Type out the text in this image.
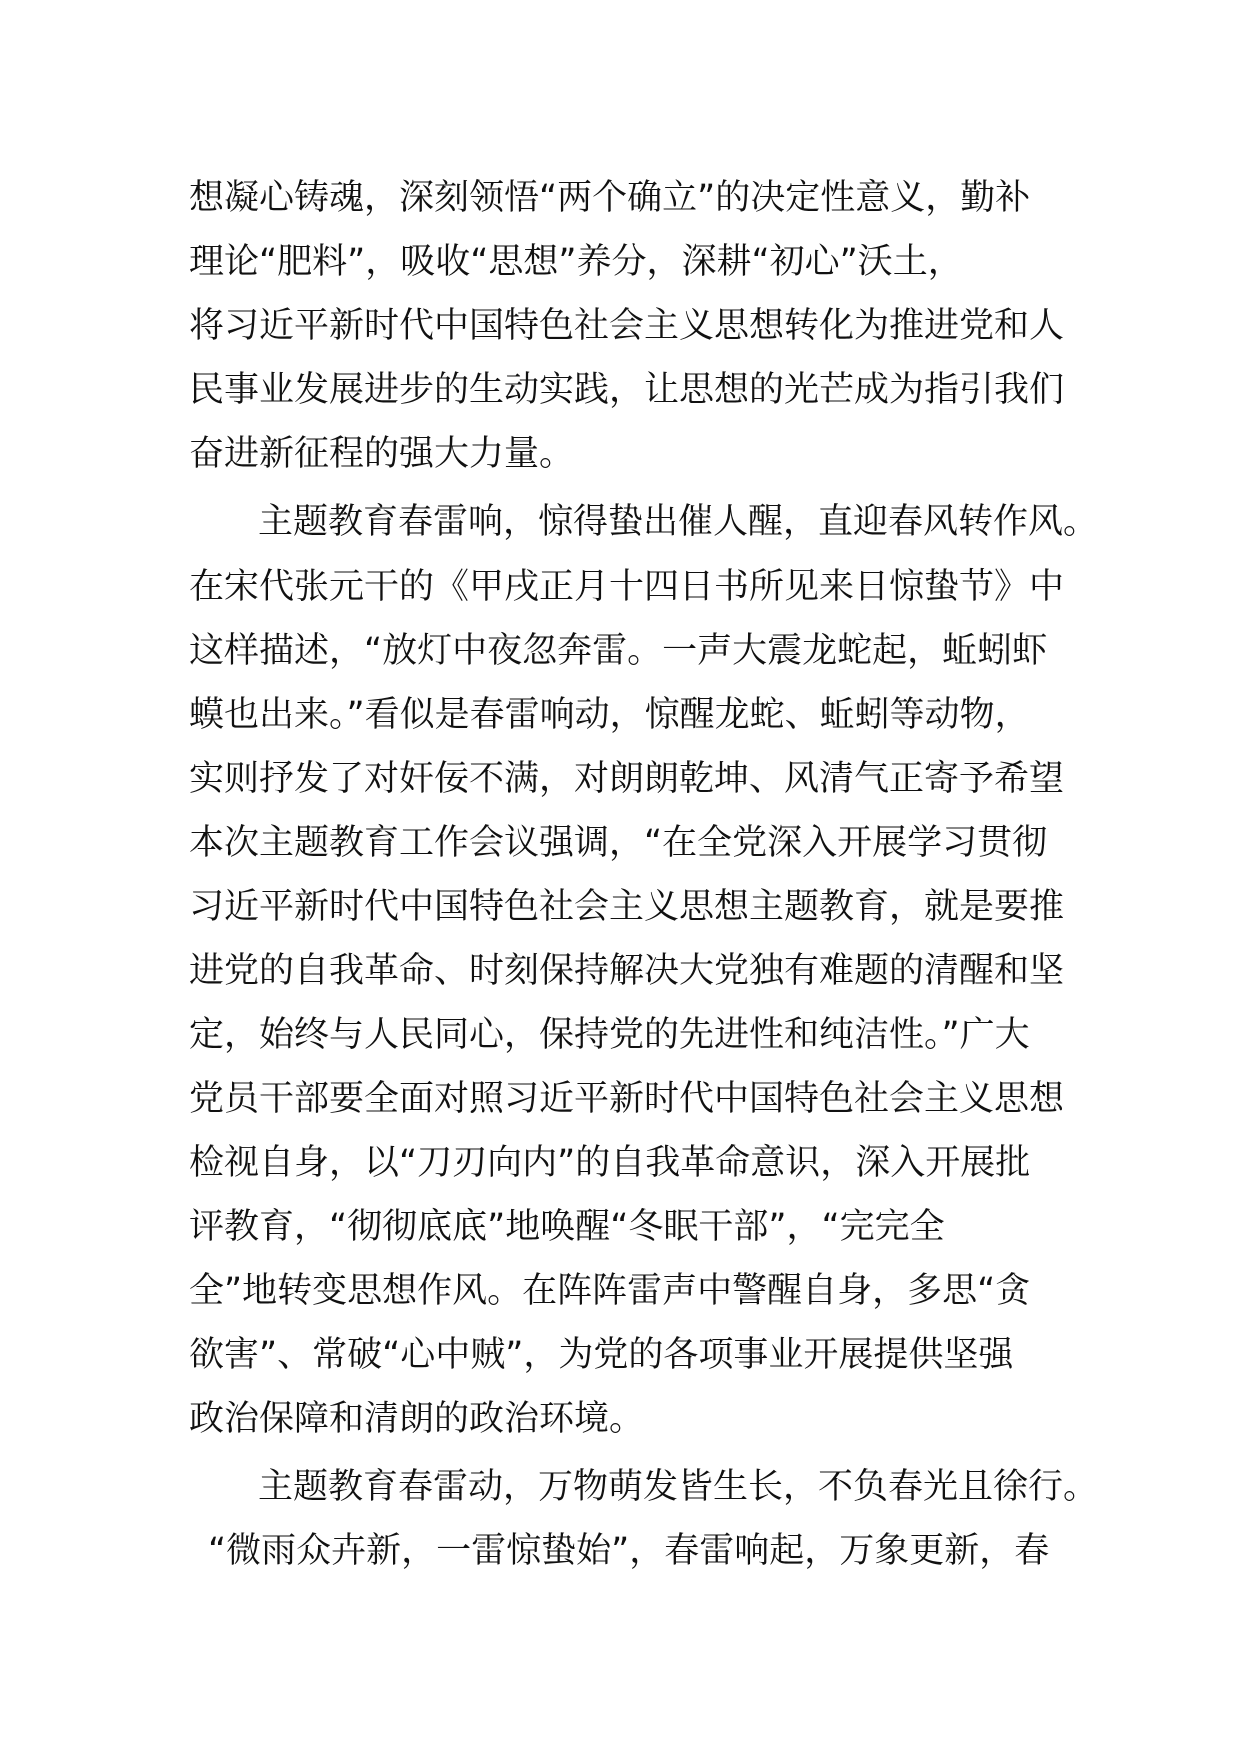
想凝心铸魂，深刻领悟“两个确立”的决定性意义，勤补
理论“肥料”，吸收“思想”养分，深耕“初心”沃土，
将习近平新时代中国特色社会主义思想转化为推进党和人
民事业发展进步的生动实践，让思想的光芒成为指引我们
奋进新征程的强大力量。
主题教育春雷响，惊得蛰出催人醒，直迎春风转作风。
在宋代张元干的《甲戌正月十四日书所见来日惊蛰节》中
这样描述，“放灯中夜忽奔雷。一声大震龙蛇起，蚯蚓虾
蟆也出来。”看似是春雷响动，惊醒龙蛇、蚯蚓等动物，
实则抒发了对奸佞不满，对朗朗乾坤、风清气正寄予希望
本次主题教育工作会议强调，“在全党深入开展学习贯彻
习近平新时代中国特色社会主义思想主题教育，就是要推
进党的自我革命、时刻保持解决大党独有难题的清醒和坚
定，始终与人民同心，保持党的先进性和纯洁性。”广大
党员干部要全面对照习近平新时代中国特色社会主义思想
检视自身，以“刀刃向内”的自我革命意识，深入开展批
评教育，“彻彻底底”地唤醒“冬眠干部”，“完完全
全”地转变思想作风。在阵阵雷声中警醒自身，多思“贪
欲害”、常破“心中贼”，为党的各项事业开展提供坚强
政治保障和清朗的政治环境。
主题教育春雷动，万物萌发皆生长，不负春光且徐行。
“微雨众卉新，一雷惊蛰始”，春雷响起，万象更新，春
